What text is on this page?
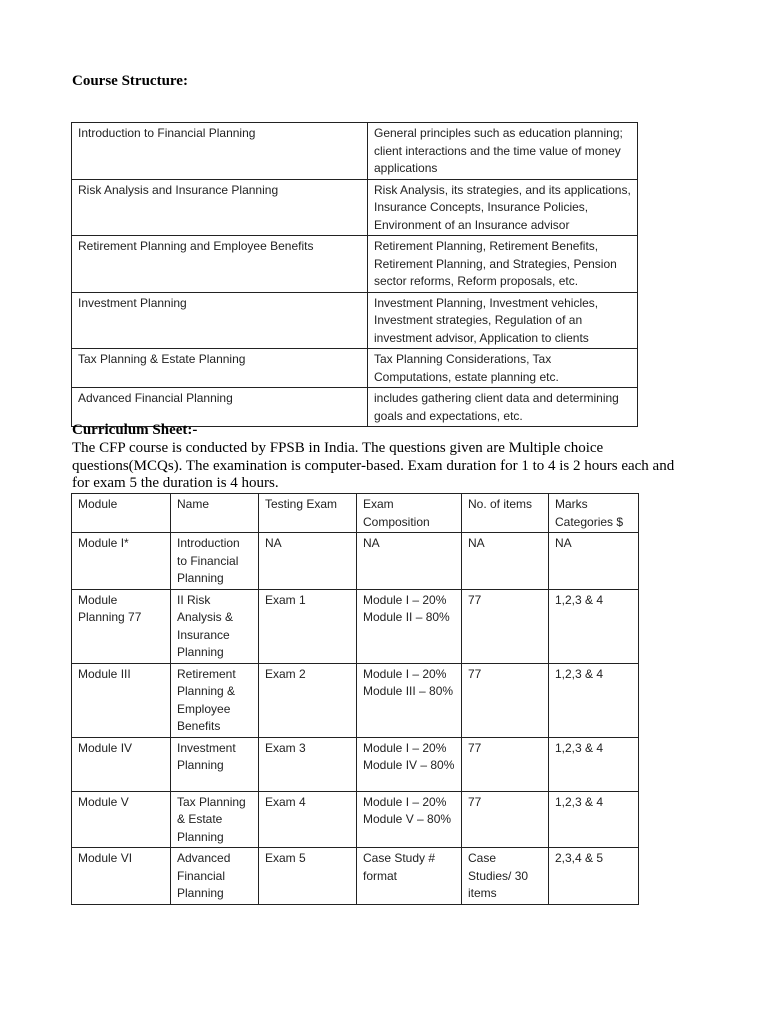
Course Structure:
Introduction to Financial Planning	General principles such as education planning; client interactions and the time value of money applications
Risk Analysis and Insurance Planning	Risk Analysis, its strategies, and its applications, Insurance Concepts, Insurance Policies, Environment of an Insurance advisor
Retirement Planning and Employee Benefits	Retirement Planning, Retirement Benefits, Retirement Planning, and Strategies, Pension sector reforms, Reform proposals, etc.
Investment Planning	Investment Planning, Investment vehicles, Investment strategies, Regulation of an investment advisor, Application to clients
Tax Planning & Estate Planning	Tax Planning Considerations, Tax Computations, estate planning etc.
Advanced Financial Planning	includes gathering client data and determining goals and expectations, etc.
Curriculum Sheet:-
The CFP course is conducted by FPSB in India. The questions given are Multiple choice questions(MCQs). The examination is computer-based. Exam duration for 1 to 4 is 2 hours each and for exam 5 the duration is 4 hours.
Module	Name	Testing Exam	Exam Composition	No. of items	Marks Categories $
Module I*	Introduction to Financial Planning	NA	NA	NA	NA
Module Planning 77	II Risk Analysis & Insurance Planning	Exam 1	Module I – 20% Module II – 80%	77	1,2,3 & 4
Module III	Retirement Planning & Employee Benefits	Exam 2	Module I – 20% Module III – 80%	77	1,2,3 & 4
Module IV	Investment Planning	Exam 3	Module I – 20% Module IV – 80%	77	1,2,3 & 4
Module V	Tax Planning & Estate Planning	Exam 4	Module I – 20% Module V – 80%	77	1,2,3 & 4
Module VI	Advanced Financial Planning	Exam 5	Case Study # format	Case Studies/ 30 items	2,3,4 & 5
